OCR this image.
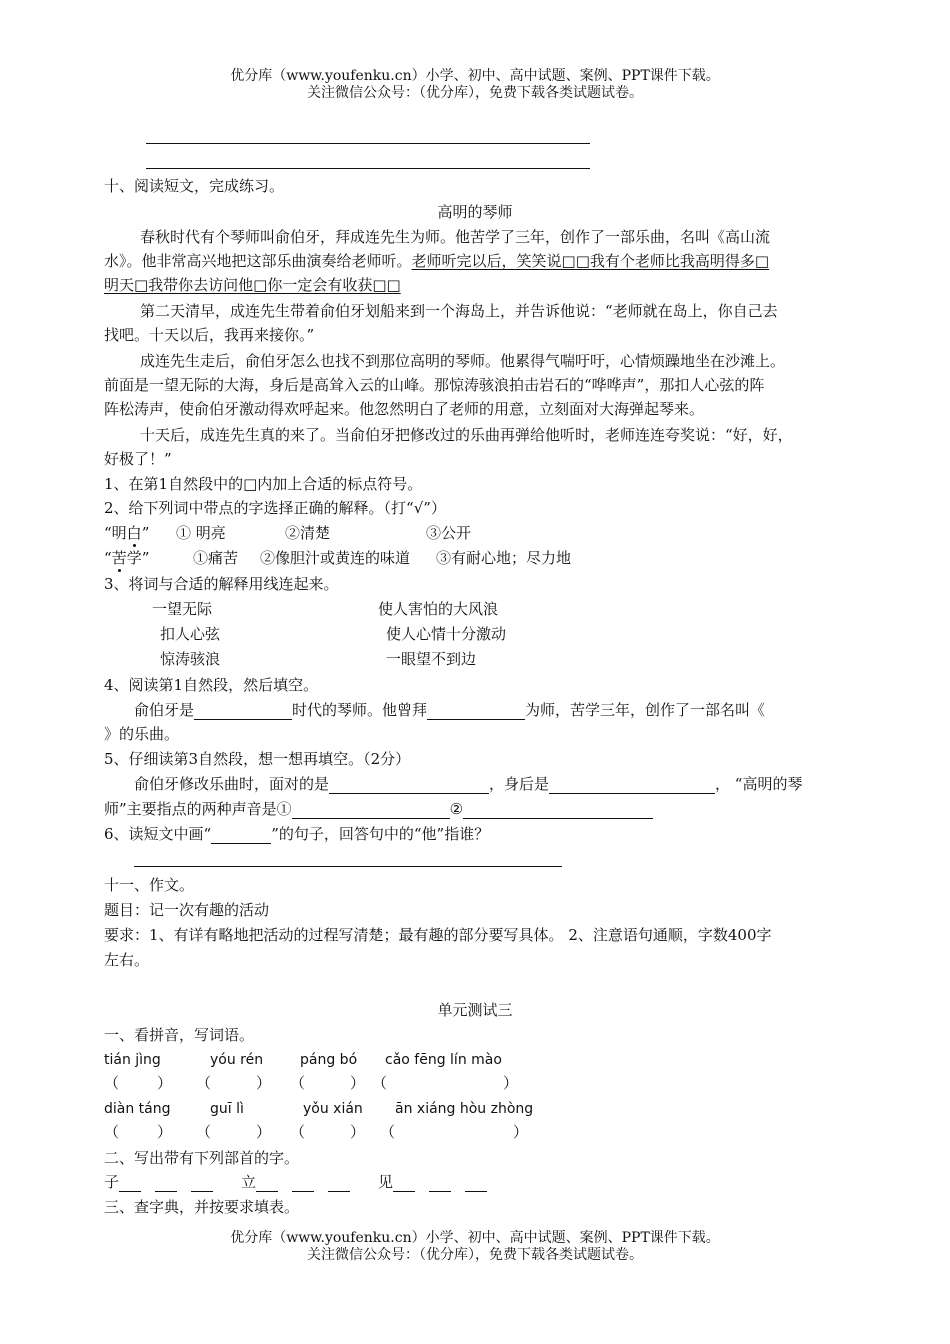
优分库（www.youfenku.cn）小学、初中、高中试题、案例、PPT课件下载。
关注微信公众号：（优分库），免费下载各类试题试卷。
十、阅读短文，完成练习。
高明的琴师
春秋时代有个琴师叫俞伯牙，拜成连先生为师。他苦学了三年，创作了一部乐曲，名叫《高山流
水》。他非常高兴地把这部乐曲演奏给老师听。老师听完以后，笑笑说□□我有个老师比我高明得多□
明天□我带你去访问他□你一定会有收获□□
第二天清早，成连先生带着俞伯牙划船来到一个海岛上，并告诉他说：“老师就在岛上，你自己去
找吧。十天以后，我再来接你。”
成连先生走后，俞伯牙怎么也找不到那位高明的琴师。他累得气喘吁吁，心情烦躁地坐在沙滩上。
前面是一望无际的大海，身后是高耸入云的山峰。那惊涛骇浪拍击岩石的“哗哗声”，那扣人心弦的阵
阵松涛声，使俞伯牙激动得欢呼起来。他忽然明白了老师的用意，立刻面对大海弹起琴来。
十天后，成连先生真的来了。当俞伯牙把修改过的乐曲再弹给他听时，老师连连夸奖说：“好，好，
好极了！”
1、在第1自然段中的□内加上合适的标点符号。
2、给下列词中带点的字选择正确的解释。（打“√”）
“明白” ① 明亮	②清楚	③公开
“苦学”	①痛苦 ②像胆汁或黄连的味道 ③有耐心地；尽力地
3、将词与合适的解释用线连起来。
一望无际	使人害怕的大风浪
扣人心弦	使人心情十分激动
惊涛骇浪	一眼望不到边
4、阅读第1自然段，然后填空。
俞伯牙是	时代的琴师。他曾拜	为师，苦学三年，创作了一部名叫《
》的乐曲。
5、仔细读第3自然段，想一想再填空。（2分）
俞伯牙修改乐曲时，面对的是	，身后是	， “高明的琴
师”主要指点的两种声音是①	②
6、读短文中画“	”的句子，回答句中的“他”指谁？
十一、作文。
题目：记一次有趣的活动
要求：1、有详有略地把活动的过程写清楚；最有趣的部分要写具体。 2、注意语句通顺，字数400字
左右。
单元测试三
一、看拼音，写词语。
tián jìng	yóu rén	páng bó cǎo fēng lín mào
（	） （	） （	） （	）
diàn táng	guī lì	yǒu xián ān xiáng hòu zhòng
（	） （	） （	） （	）
二、写出带有下列部首的字。
子	立	见
三、查字典，并按要求填表。
优分库（www.youfenku.cn）小学、初中、高中试题、案例、PPT课件下载。
关注微信公众号：（优分库），免费下载各类试题试卷。
